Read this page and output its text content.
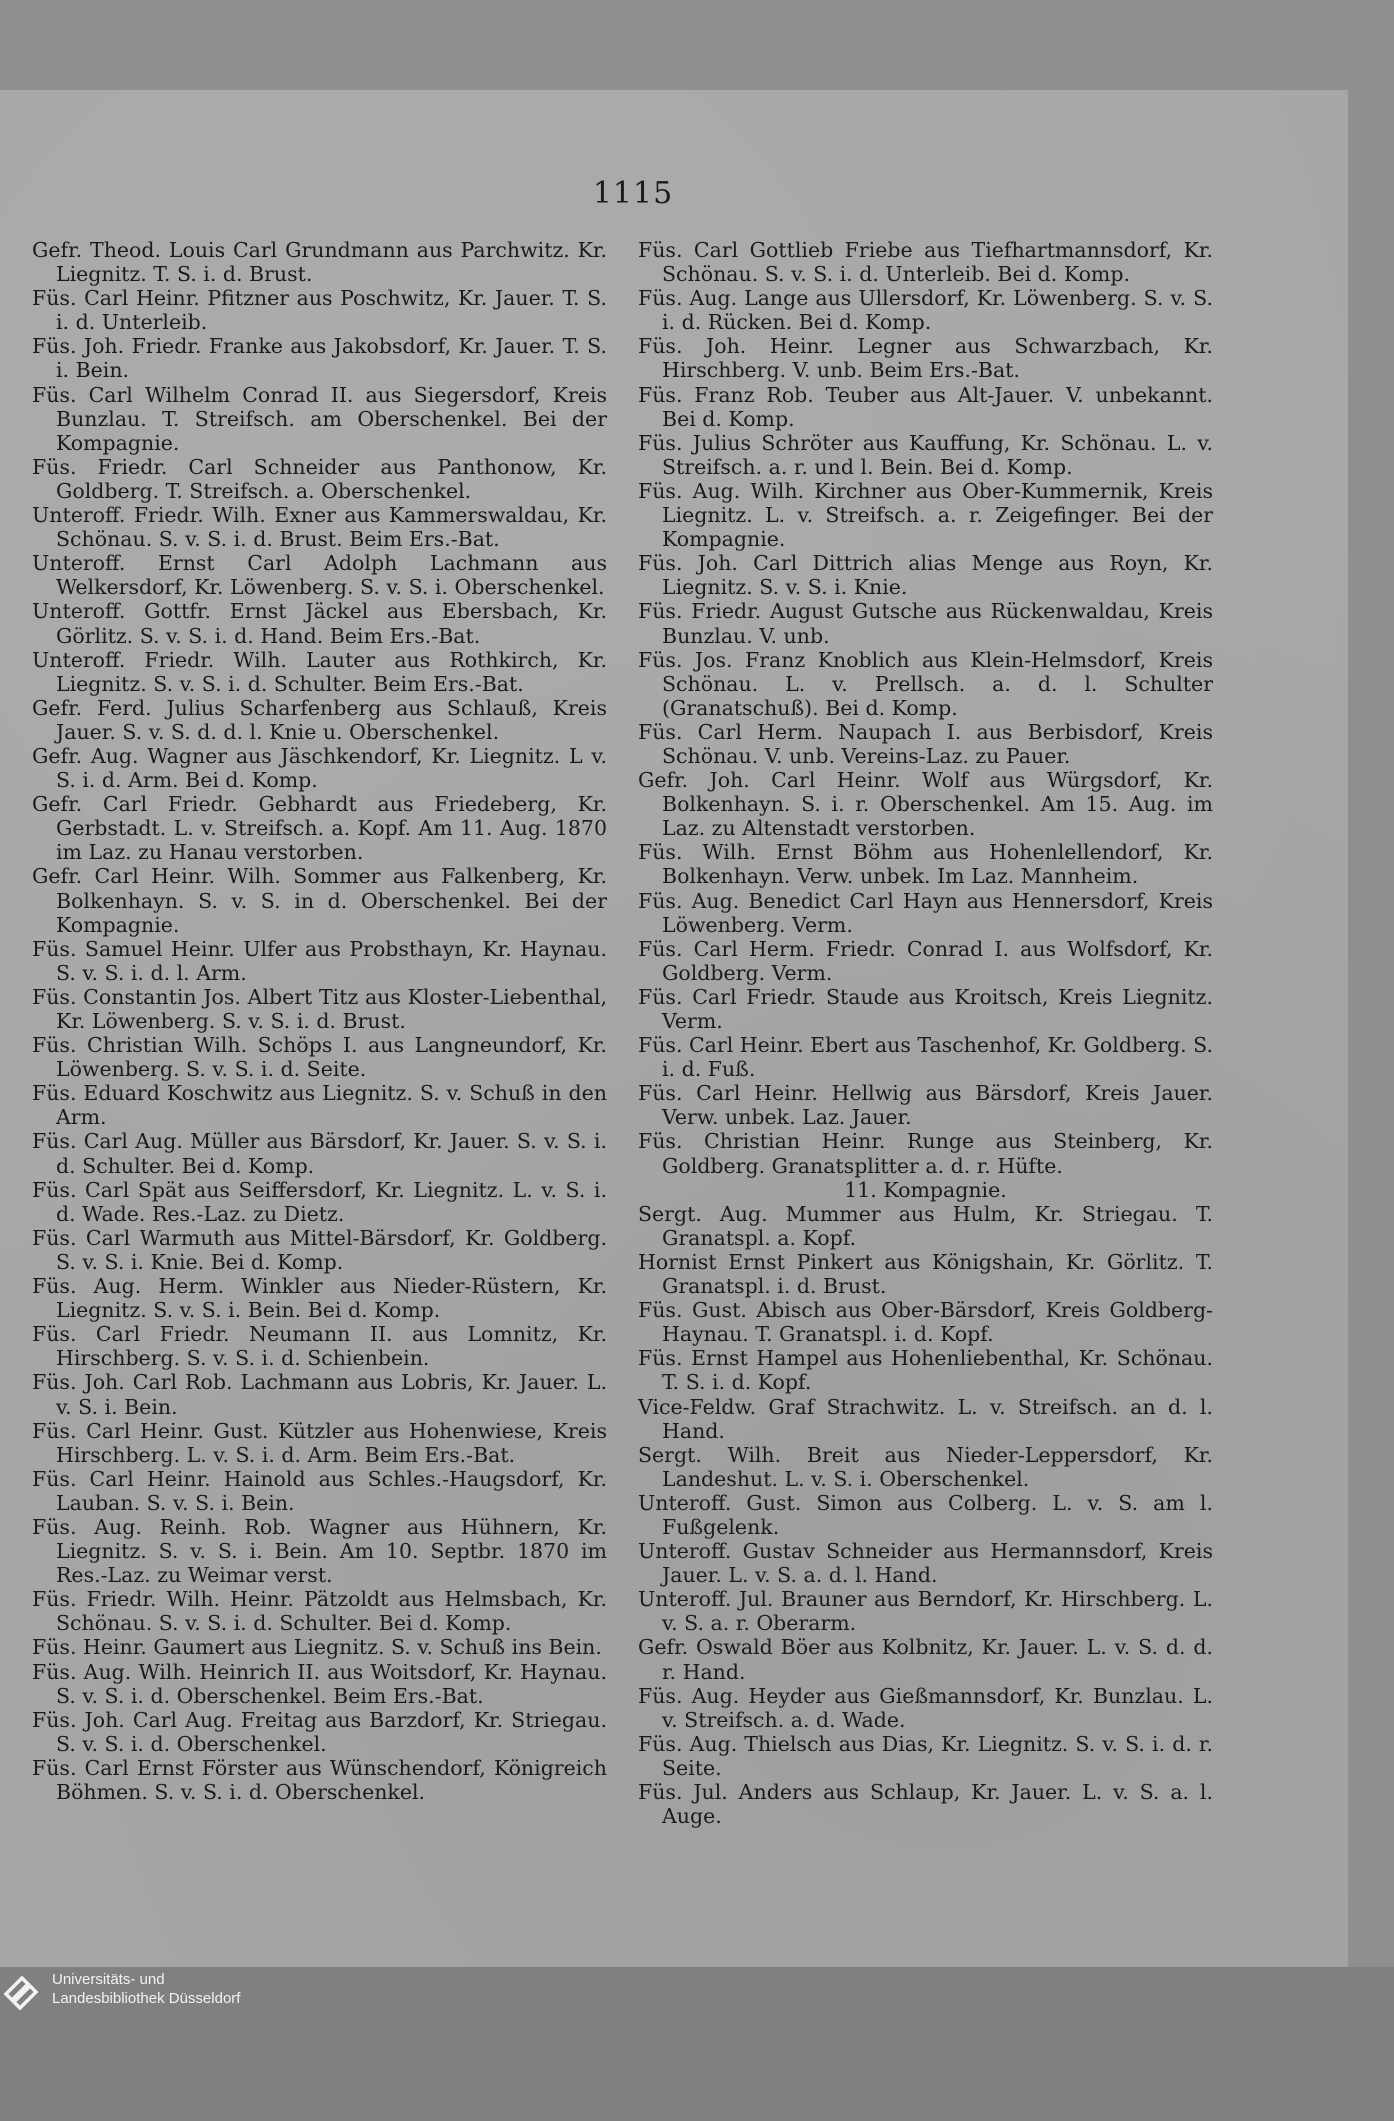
1115
Gefr. Theod. Louis Carl Grundmann aus Parchwitz. Kr. Liegnitz. T. S. i. d. Brust.
Füs. Carl Heinr. Pfitzner aus Poschwitz, Kr. Jauer. T. S. i. d. Unterleib.
Füs. Joh. Friedr. Franke aus Jakobsdorf, Kr. Jauer. T. S. i. Bein.
Füs. Carl Wilhelm Conrad II. aus Siegersdorf, Kreis Bunzlau. T. Streifsch. am Oberschenkel. Bei der Kompagnie.
Füs. Friedr. Carl Schneider aus Panthonow, Kr. Goldberg. T. Streifsch. a. Oberschenkel.
Unteroff. Friedr. Wilh. Exner aus Kammerswaldau, Kr. Schönau. S. v. S. i. d. Brust. Beim Ers.-Bat.
Unteroff. Ernst Carl Adolph Lachmann aus Welkersdorf, Kr. Löwenberg. S. v. S. i. Oberschenkel.
Unteroff. Gottfr. Ernst Jäckel aus Ebersbach, Kr. Görlitz. S. v. S. i. d. Hand. Beim Ers.-Bat.
Unteroff. Friedr. Wilh. Lauter aus Rothkirch, Kr. Liegnitz. S. v. S. i. d. Schulter. Beim Ers.-Bat.
Gefr. Ferd. Julius Scharfenberg aus Schlauß, Kreis Jauer. S. v. S. d. d. l. Knie u. Oberschenkel.
Gefr. Aug. Wagner aus Jäschkendorf, Kr. Liegnitz. L v. S. i. d. Arm. Bei d. Komp.
Gefr. Carl Friedr. Gebhardt aus Friedeberg, Kr. Gerbstadt. L. v. Streifsch. a. Kopf. Am 11. Aug. 1870 im Laz. zu Hanau verstorben.
Gefr. Carl Heinr. Wilh. Sommer aus Falkenberg, Kr. Bolkenhayn. S. v. S. in d. Oberschenkel. Bei der Kompagnie.
Füs. Samuel Heinr. Ulfer aus Probsthayn, Kr. Haynau. S. v. S. i. d. l. Arm.
Füs. Constantin Jos. Albert Titz aus Kloster-Liebenthal, Kr. Löwenberg. S. v. S. i. d. Brust.
Füs. Christian Wilh. Schöps I. aus Langneundorf, Kr. Löwenberg. S. v. S. i. d. Seite.
Füs. Eduard Koschwitz aus Liegnitz. S. v. Schuß in den Arm.
Füs. Carl Aug. Müller aus Bärsdorf, Kr. Jauer. S. v. S. i. d. Schulter. Bei d. Komp.
Füs. Carl Spät aus Seiffersdorf, Kr. Liegnitz. L. v. S. i. d. Wade. Res.-Laz. zu Dietz.
Füs. Carl Warmuth aus Mittel-Bärsdorf, Kr. Goldberg. S. v. S. i. Knie. Bei d. Komp.
Füs. Aug. Herm. Winkler aus Nieder-Rüstern, Kr. Liegnitz. S. v. S. i. Bein. Bei d. Komp.
Füs. Carl Friedr. Neumann II. aus Lomnitz, Kr. Hirschberg. S. v. S. i. d. Schienbein.
Füs. Joh. Carl Rob. Lachmann aus Lobris, Kr. Jauer. L. v. S. i. Bein.
Füs. Carl Heinr. Gust. Kützler aus Hohenwiese, Kreis Hirschberg. L. v. S. i. d. Arm. Beim Ers.-Bat.
Füs. Carl Heinr. Hainold aus Schles.-Haugsdorf, Kr. Lauban. S. v. S. i. Bein.
Füs. Aug. Reinh. Rob. Wagner aus Hühnern, Kr. Liegnitz. S. v. S. i. Bein. Am 10. Septbr. 1870 im Res.-Laz. zu Weimar verst.
Füs. Friedr. Wilh. Heinr. Pätzoldt aus Helmsbach, Kr. Schönau. S. v. S. i. d. Schulter. Bei d. Komp.
Füs. Heinr. Gaumert aus Liegnitz. S. v. Schuß ins Bein.
Füs. Aug. Wilh. Heinrich II. aus Woitsdorf, Kr. Haynau. S. v. S. i. d. Oberschenkel. Beim Ers.-Bat.
Füs. Joh. Carl Aug. Freitag aus Barzdorf, Kr. Striegau. S. v. S. i. d. Oberschenkel.
Füs. Carl Ernst Förster aus Wünschendorf, Königreich Böhmen. S. v. S. i. d. Oberschenkel.
Füs. Carl Gottlieb Friebe aus Tiefhartmannsdorf, Kr. Schönau. S. v. S. i. d. Unterleib. Bei d. Komp.
Füs. Aug. Lange aus Ullersdorf, Kr. Löwenberg. S. v. S. i. d. Rücken. Bei d. Komp.
Füs. Joh. Heinr. Legner aus Schwarzbach, Kr. Hirschberg. V. unb. Beim Ers.-Bat.
Füs. Franz Rob. Teuber aus Alt-Jauer. V. unbekannt. Bei d. Komp.
Füs. Julius Schröter aus Kauffung, Kr. Schönau. L. v. Streifsch. a. r. und l. Bein. Bei d. Komp.
Füs. Aug. Wilh. Kirchner aus Ober-Kummernik, Kreis Liegnitz. L. v. Streifsch. a. r. Zeigefinger. Bei der Kompagnie.
Füs. Joh. Carl Dittrich alias Menge aus Royn, Kr. Liegnitz. S. v. S. i. Knie.
Füs. Friedr. August Gutsche aus Rückenwaldau, Kreis Bunzlau. V. unb.
Füs. Jos. Franz Knoblich aus Klein-Helmsdorf, Kreis Schönau. L. v. Prellsch. a. d. l. Schulter (Granatschuß). Bei d. Komp.
Füs. Carl Herm. Naupach I. aus Berbisdorf, Kreis Schönau. V. unb. Vereins-Laz. zu Pauer.
Gefr. Joh. Carl Heinr. Wolf aus Würgsdorf, Kr. Bolkenhayn. S. i. r. Oberschenkel. Am 15. Aug. im Laz. zu Altenstadt verstorben.
Füs. Wilh. Ernst Böhm aus Hohenlellendorf, Kr. Bolkenhayn. Verw. unbek. Im Laz. Mannheim.
Füs. Aug. Benedict Carl Hayn aus Hennersdorf, Kreis Löwenberg. Verm.
Füs. Carl Herm. Friedr. Conrad I. aus Wolfsdorf, Kr. Goldberg. Verm.
Füs. Carl Friedr. Staude aus Kroitsch, Kreis Liegnitz. Verm.
Füs. Carl Heinr. Ebert aus Taschenhof, Kr. Goldberg. S. i. d. Fuß.
Füs. Carl Heinr. Hellwig aus Bärsdorf, Kreis Jauer. Verw. unbek. Laz. Jauer.
Füs. Christian Heinr. Runge aus Steinberg, Kr. Goldberg. Granatsplitter a. d. r. Hüfte.
11. Kompagnie.
Sergt. Aug. Mummer aus Hulm, Kr. Striegau. T. Granatspl. a. Kopf.
Hornist Ernst Pinkert aus Königshain, Kr. Görlitz. T. Granatspl. i. d. Brust.
Füs. Gust. Abisch aus Ober-Bärsdorf, Kreis Goldberg-Haynau. T. Granatspl. i. d. Kopf.
Füs. Ernst Hampel aus Hohenliebenthal, Kr. Schönau. T. S. i. d. Kopf.
Vice-Feldw. Graf Strachwitz. L. v. Streifsch. an d. l. Hand.
Sergt. Wilh. Breit aus Nieder-Leppersdorf, Kr. Landeshut. L. v. S. i. Oberschenkel.
Unteroff. Gust. Simon aus Colberg. L. v. S. am l. Fußgelenk.
Unteroff. Gustav Schneider aus Hermannsdorf, Kreis Jauer. L. v. S. a. d. l. Hand.
Unteroff. Jul. Brauner aus Berndorf, Kr. Hirschberg. L. v. S. a. r. Oberarm.
Gefr. Oswald Böer aus Kolbnitz, Kr. Jauer. L. v. S. d. d. r. Hand.
Füs. Aug. Heyder aus Gießmannsdorf, Kr. Bunzlau. L. v. Streifsch. a. d. Wade.
Füs. Aug. Thielsch aus Dias, Kr. Liegnitz. S. v. S. i. d. r. Seite.
Füs. Jul. Anders aus Schlaup, Kr. Jauer. L. v. S. a. l. Auge.
Universitäts- und
Landesbibliothek Düsseldorf
